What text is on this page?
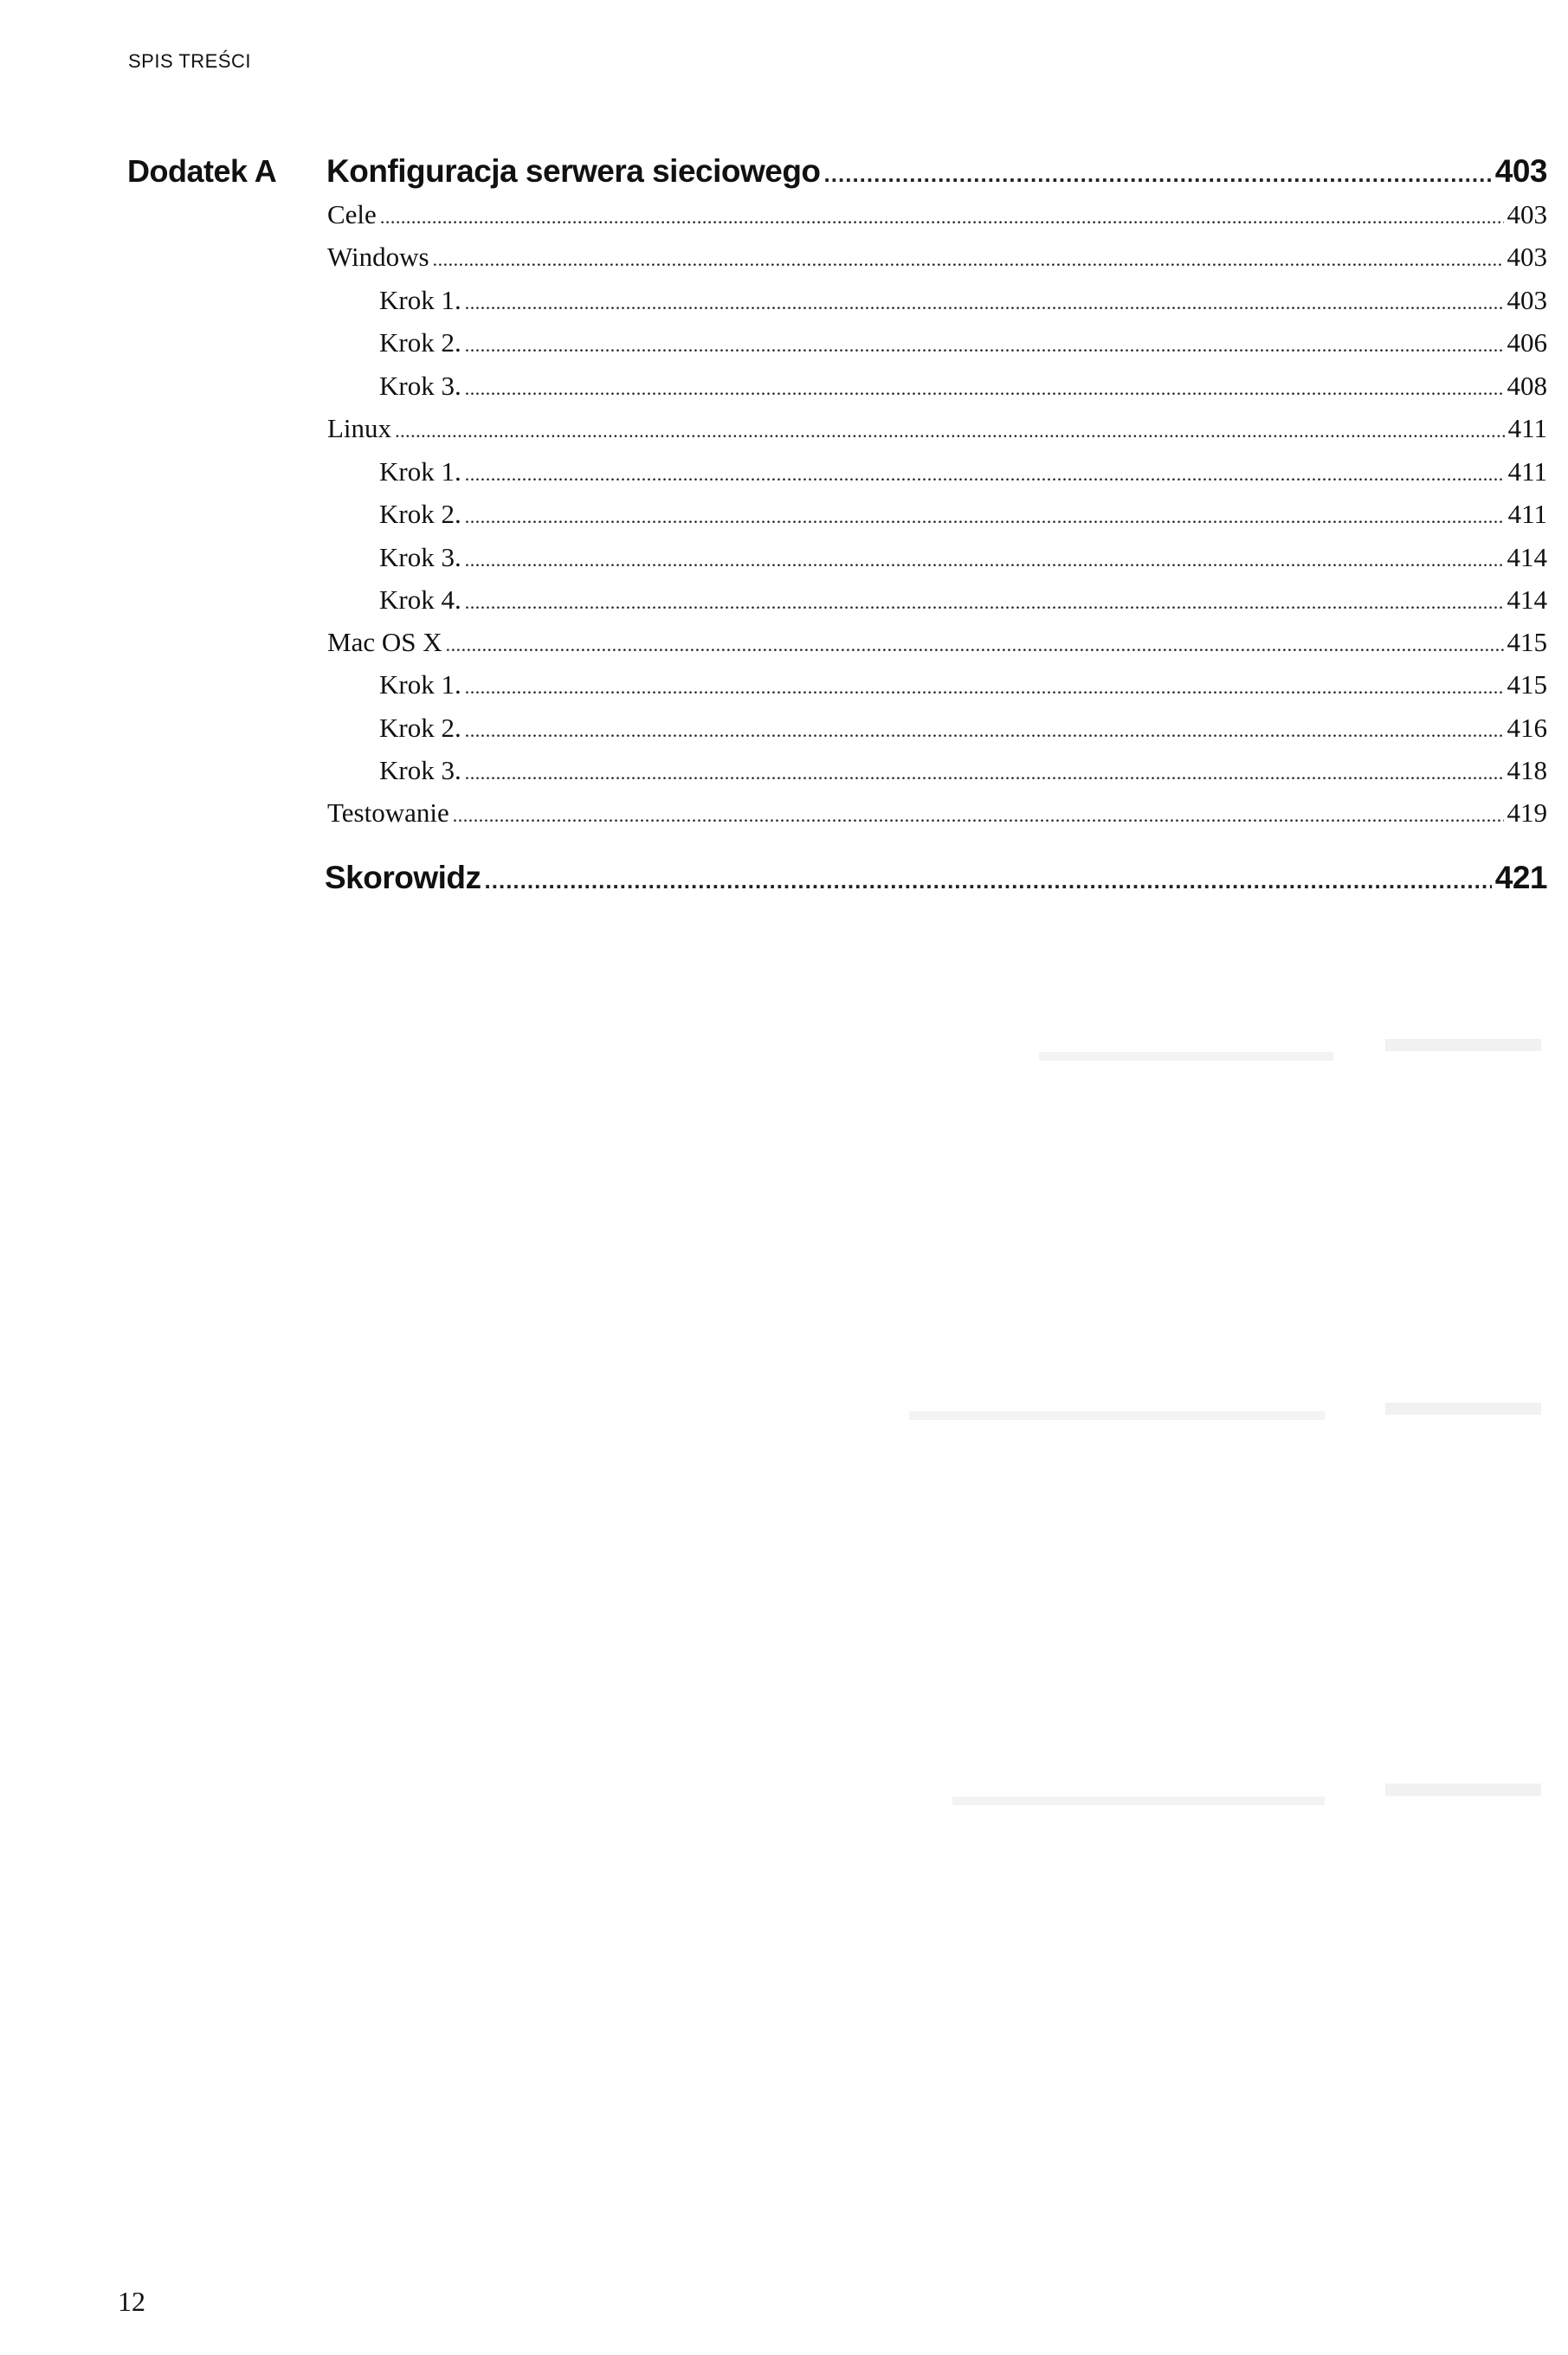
SPIS TREŚCI
Dodatek A Konfiguracja serwera sieciowego .....	403
Cele .....	403
Windows .....	403
Krok 1. .....	403
Krok 2. .....	406
Krok 3. .....	408
Linux .....	411
Krok 1. .....	411
Krok 2. .....	411
Krok 3. .....	414
Krok 4. .....	414
Mac OS X .....	415
Krok 1. .....	415
Krok 2. .....	416
Krok 3. .....	418
Testowanie .....	419
Skorowidz .....	421
12
